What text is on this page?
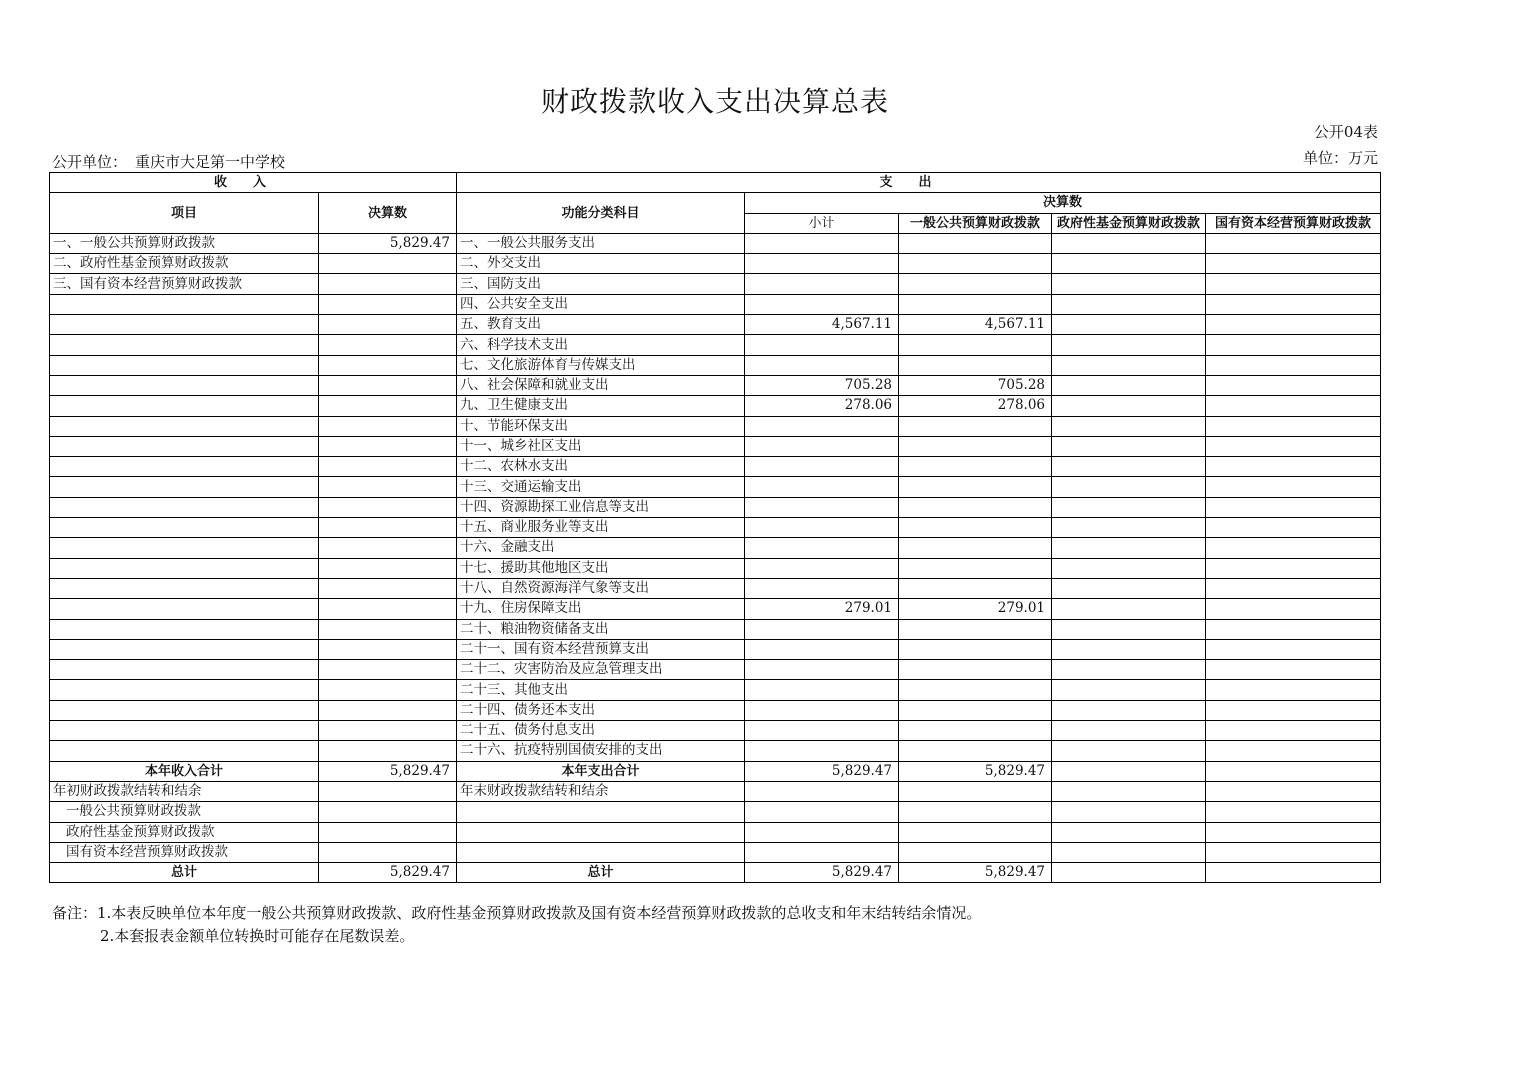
财政拨款收入支出决算总表
公开04表
单位：万元
公开单位： 重庆市大足第一中学校
收入		支出				
项目	决算数	功能分类科目	决算数			
			小计	一般公共预算财政拨款	政府性基金预算财政拨款	国有资本经营预算财政拨款

一、一般公共预算财政拨款	5,829.47	一、一般公共服务支出				
二、政府性基金预算财政拨款		二、外交支出				
三、国有资本经营预算财政拨款		三、国防支出				
		四、公共安全支出				
		五、教育支出	4,567.11	4,567.11		
		六、科学技术支出				
		七、文化旅游体育与传媒支出				
		八、社会保障和就业支出	705.28	705.28		
		九、卫生健康支出	278.06	278.06		
		十、节能环保支出				
		十一、城乡社区支出				
		十二、农林水支出				
		十三、交通运输支出				
		十四、资源勘探工业信息等支出				
		十五、商业服务业等支出				
		十六、金融支出				
		十七、援助其他地区支出				
		十八、自然资源海洋气象等支出				
		十九、住房保障支出	279.01	279.01		
		二十、粮油物资储备支出				
		二十一、国有资本经营预算支出				
		二十二、灾害防治及应急管理支出				
		二十三、其他支出				
		二十四、债务还本支出				
		二十五、债务付息支出				
		二十六、抗疫特别国债安排的支出				
本年收入合计	5,829.47	本年支出合计	5,829.47	5,829.47		
年初财政拨款结转和结余		年末财政拨款结转和结余				
一般公共预算财政拨款						
政府性基金预算财政拨款						
国有资本经营预算财政拨款						
总计	5,829.47	总计	5,829.47	5,829.47		
备注：1.本表反映单位本年度一般公共预算财政拨款、政府性基金预算财政拨款及国有资本经营预算财政拨款的总收支和年末结转结余情况。
2.本套报表金额单位转换时可能存在尾数误差。
